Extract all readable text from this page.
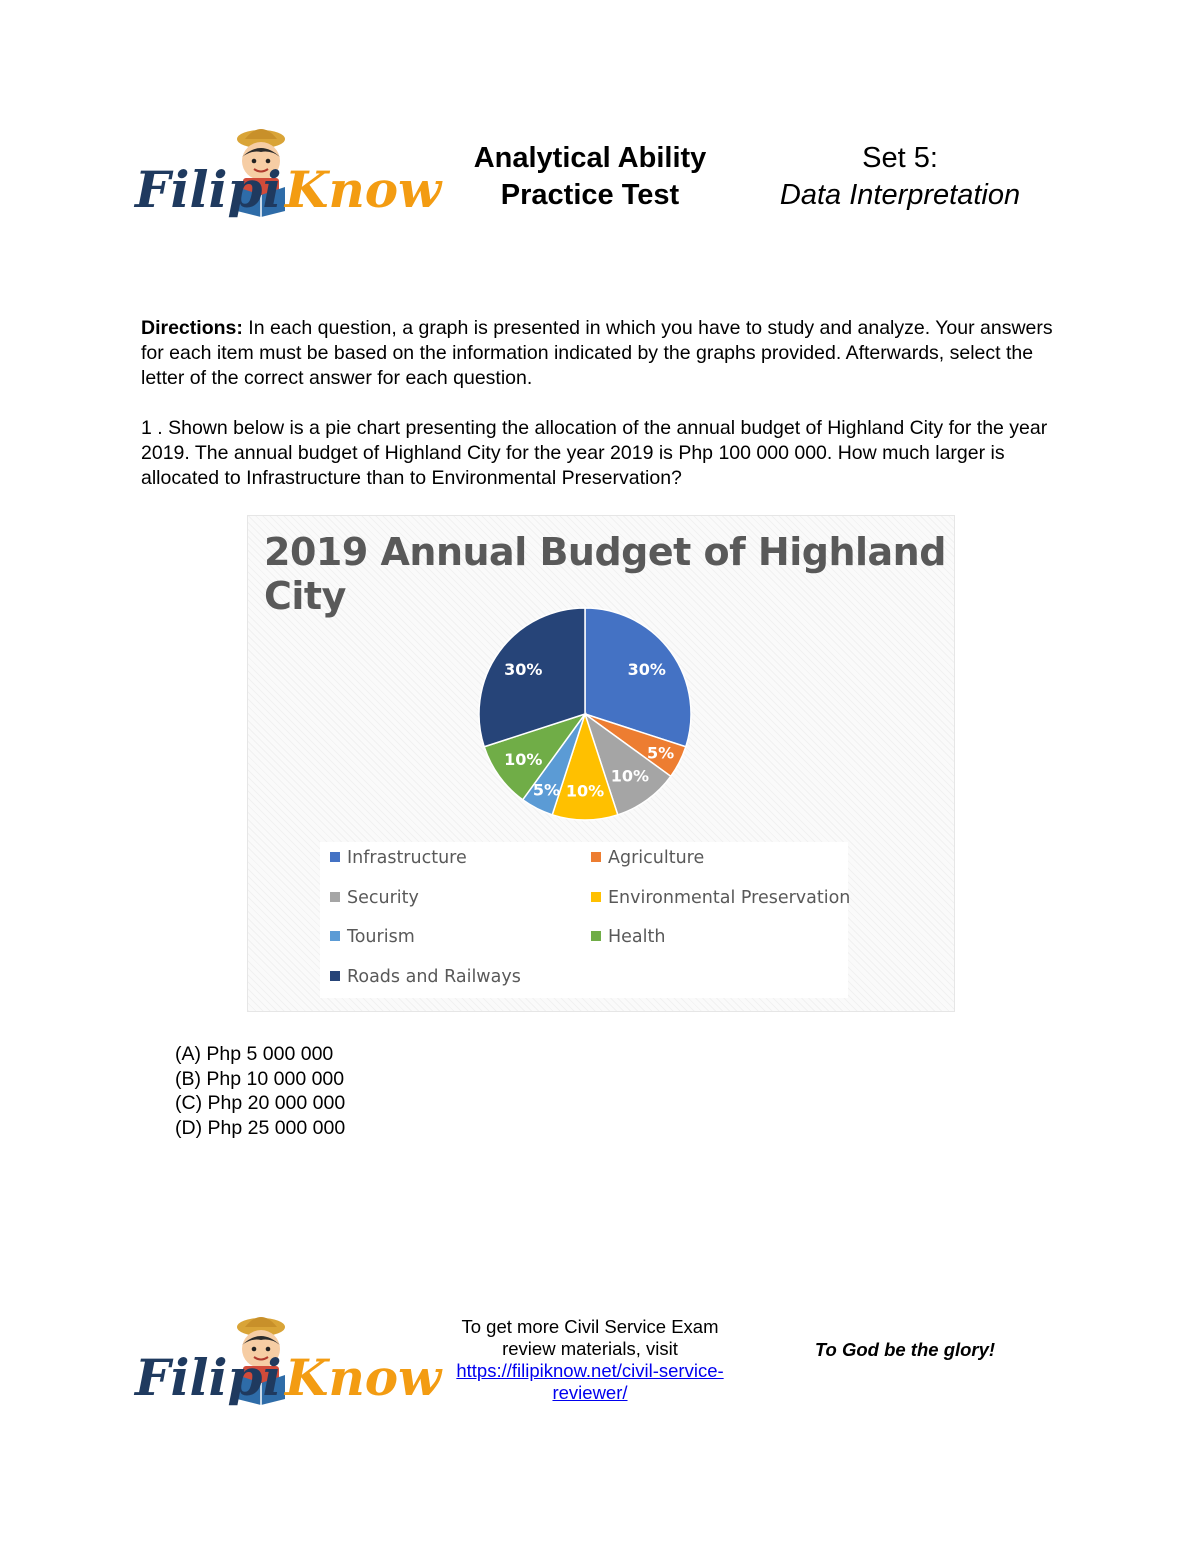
Filipi Know
Analytical Ability
Practice Test
Set 5:
Data Interpretation
Directions: In each question, a graph is presented in which you have to study and analyze. Your answers for each item must be based on the information indicated by the graphs provided. Afterwards, select the letter of the correct answer for each question.
1 . Shown below is a pie chart presenting the allocation of the annual budget of Highland City for the year 2019. The annual budget of Highland City for the year 2019 is Php 100 000 000. How much larger is allocated to Infrastructure than to Environmental Preservation?
2019 Annual Budget of Highland City
30%
5%
10%
10%
5%
10%
30%
Infrastructure	Agriculture
Security	Environmental Preservation
Tourism	Health
Roads and Railways
(A) Php 5 000 000
(B) Php 10 000 000
(C) Php 20 000 000
(D) Php 25 000 000
Filipi Know
To get more Civil Service Exam
review materials, visit
https://filipiknow.net/civil-service-
reviewer/
To God be the glory!
